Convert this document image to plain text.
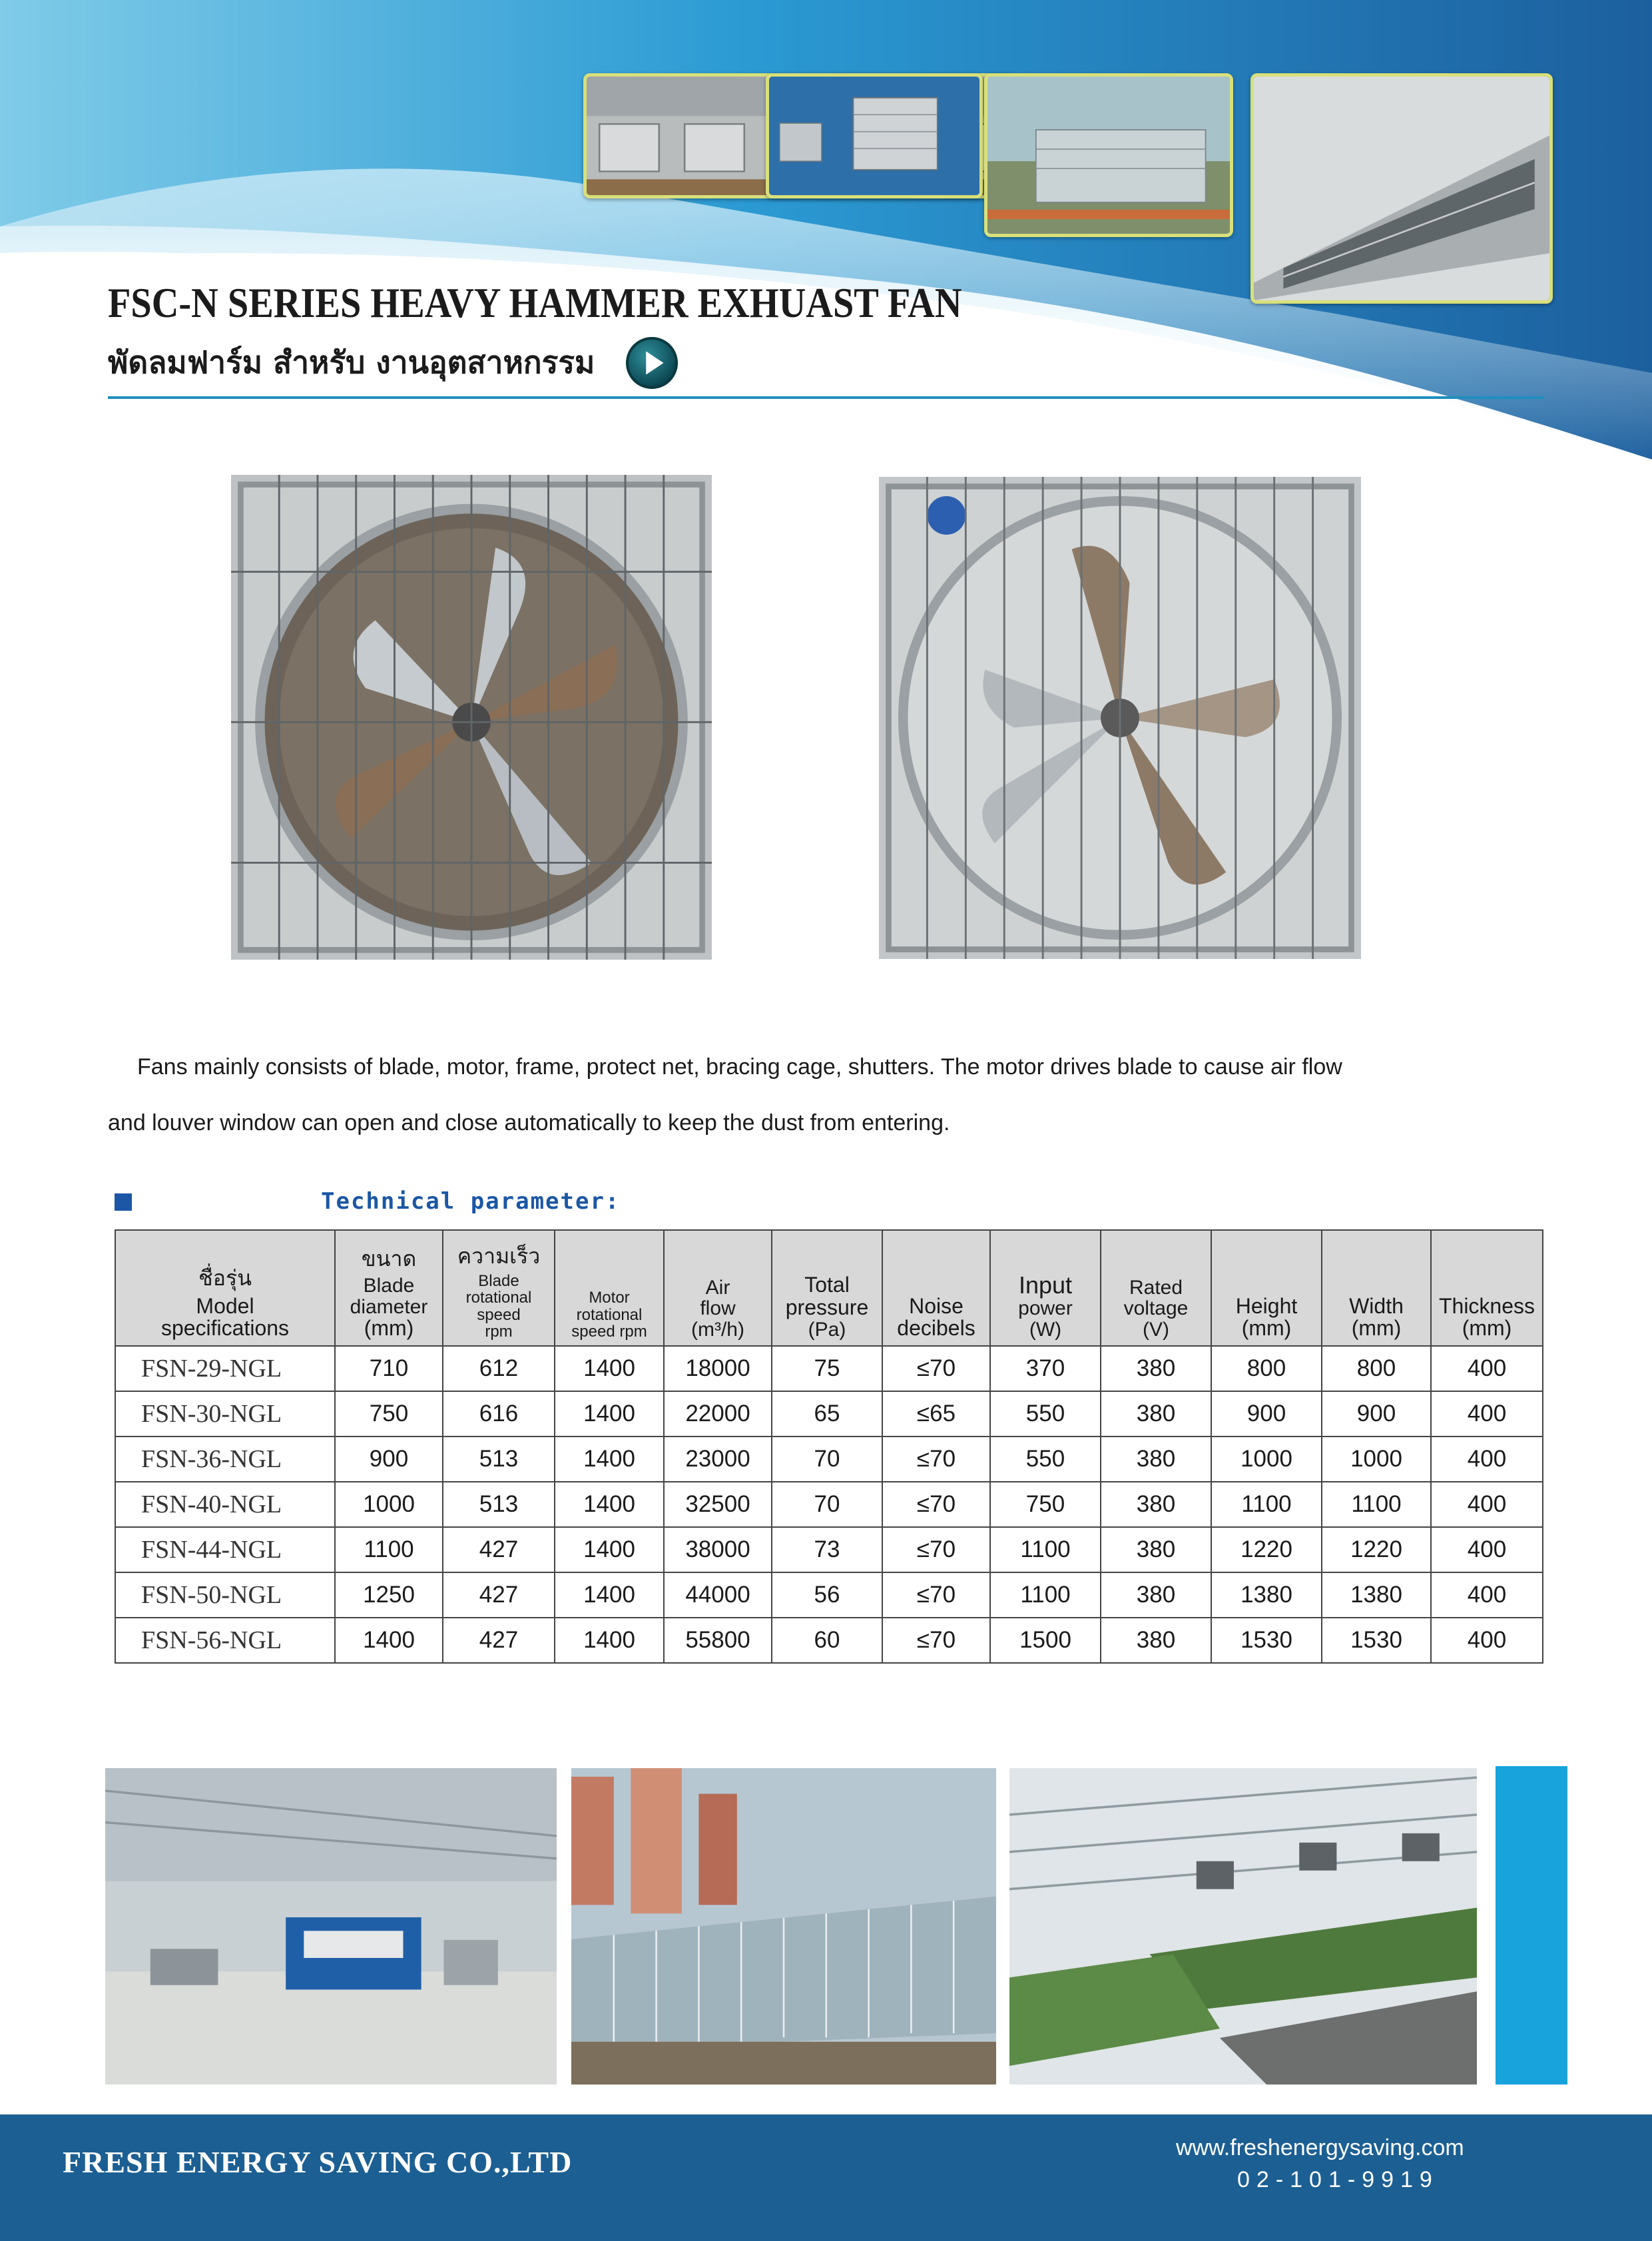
FSC-N SERIES HEAVY HAMMER EXHUAST FAN
พัดลมฟาร์ม สำหรับ งานอุตสาหกรรม

Fans mainly consists of blade, motor, frame, protect net, bracing cage, shutters. The motor drives blade to cause air flow

and louver window can open and close automatically to keep the dust from entering.

Technical parameter:
ชื่อรุ่น
Model
specifications	ขนาด
Blade
diameter
(mm)	ความเร็ว
Blade
rotational speed
rpm	Motor rotational
speed rpm	Air
flow
(m³/h)	Total
pressure
(Pa)	Noise
decibels	Input
power
(W)	Rated
voltage
(V)	Height
(mm)	Width
(mm)	Thickness
(mm)

FSN-29-NGL	710	612	1400	18000	75	≤70	370	380	800	800	400
FSN-30-NGL	750	616	1400	22000	65	≤65	550	380	900	900	400
FSN-36-NGL	900	513	1400	23000	70	≤70	550	380	1000	1000	400
FSN-40-NGL	1000	513	1400	32500	70	≤70	750	380	1100	1100	400
FSN-44-NGL	1100	427	1400	38000	73	≤70	1100	380	1220	1220	400
FSN-50-NGL	1250	427	1400	44000	56	≤70	1100	380	1380	1380	400
FSN-56-NGL	1400	427	1400	55800	60	≤70	1500	380	1530	1530	400
FRESH ENERGY SAVING CO.,LTD	www.freshenergysaving.com
02-101-9919
